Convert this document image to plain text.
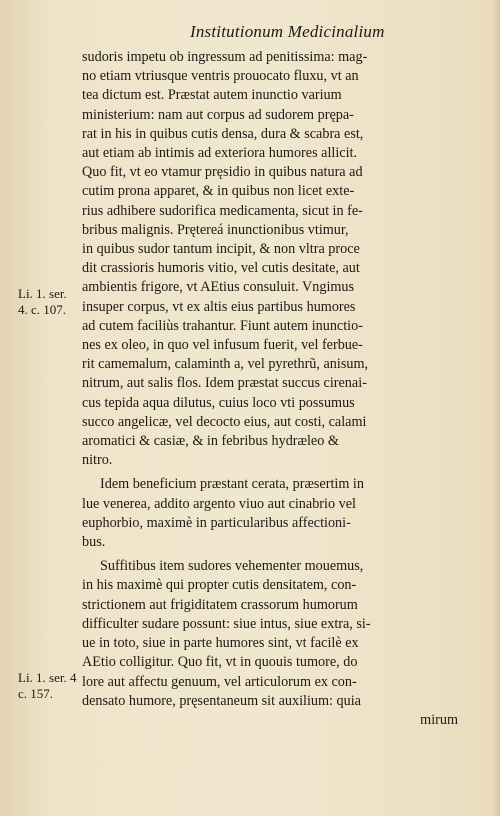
Institutionum Medicinalium
Li. 1. ser.
4. c. 107.
Li. 1. ser. 4
c. 157.

sudoris impetu ob ingressum ad penitissima: mag-
no etiam vtriusque ventris prouocato fluxu, vt an
tea dictum est. Præstat autem inunctio varium
ministerium: nam aut corpus ad sudorem prępa-
rat in his in quibus cutis densa, dura & scabra est,
aut etiam ab intimis ad exteriora humores allicit.
Quo fit, vt eo vtamur pręsidio in quibus natura ad
cutim prona apparet, & in quibus non licet exte-
rius adhibere sudorifica medicamenta, sicut in fe-
bribus malignis. Prętereá inunctionibus vtimur,
in quibus sudor tantum incipit, & non vltra proce
dit crassioris humoris vitio, vel cutis desitate, aut
ambientis frigore, vt AEtius consuluit. Vngimus
insuper corpus, vt ex altis eius partibus humores
ad cutem faciliùs trahantur. Fiunt autem inunctio-
nes ex oleo, in quo vel infusum fuerit, vel ferbue-
rit camemalum, calaminth a, vel pyrethrũ, anisum,
nitrum, aut salis flos. Idem præstat succus cirenai-
cus tepida aqua dilutus, cuius loco vti possumus
succo angelicæ, vel decocto eius, aut costi, calami
aromatici & casiæ, & in febribus hydræleo &
nitro.

Idem beneficium præstant cerata, præsertim in
lue venerea, addito argento viuo aut cinabrio vel
euphorbio, maximè in particularibus affectioni-
bus.

Suffitibus item sudores vehementer mouemus,
in his maximè qui propter cutis densitatem, con-
strictionem aut frigiditatem crassorum humorum
difficulter sudare possunt: siue intus, siue extra, si-
ue in toto, siue in parte humores sint, vt facilè ex
AEtio colligitur. Quo fit, vt in quouis tumore, do
lore aut affectu genuum, vel articulorum ex con-
densato humore, pręsentaneum sit auxilium: quia

mirum
